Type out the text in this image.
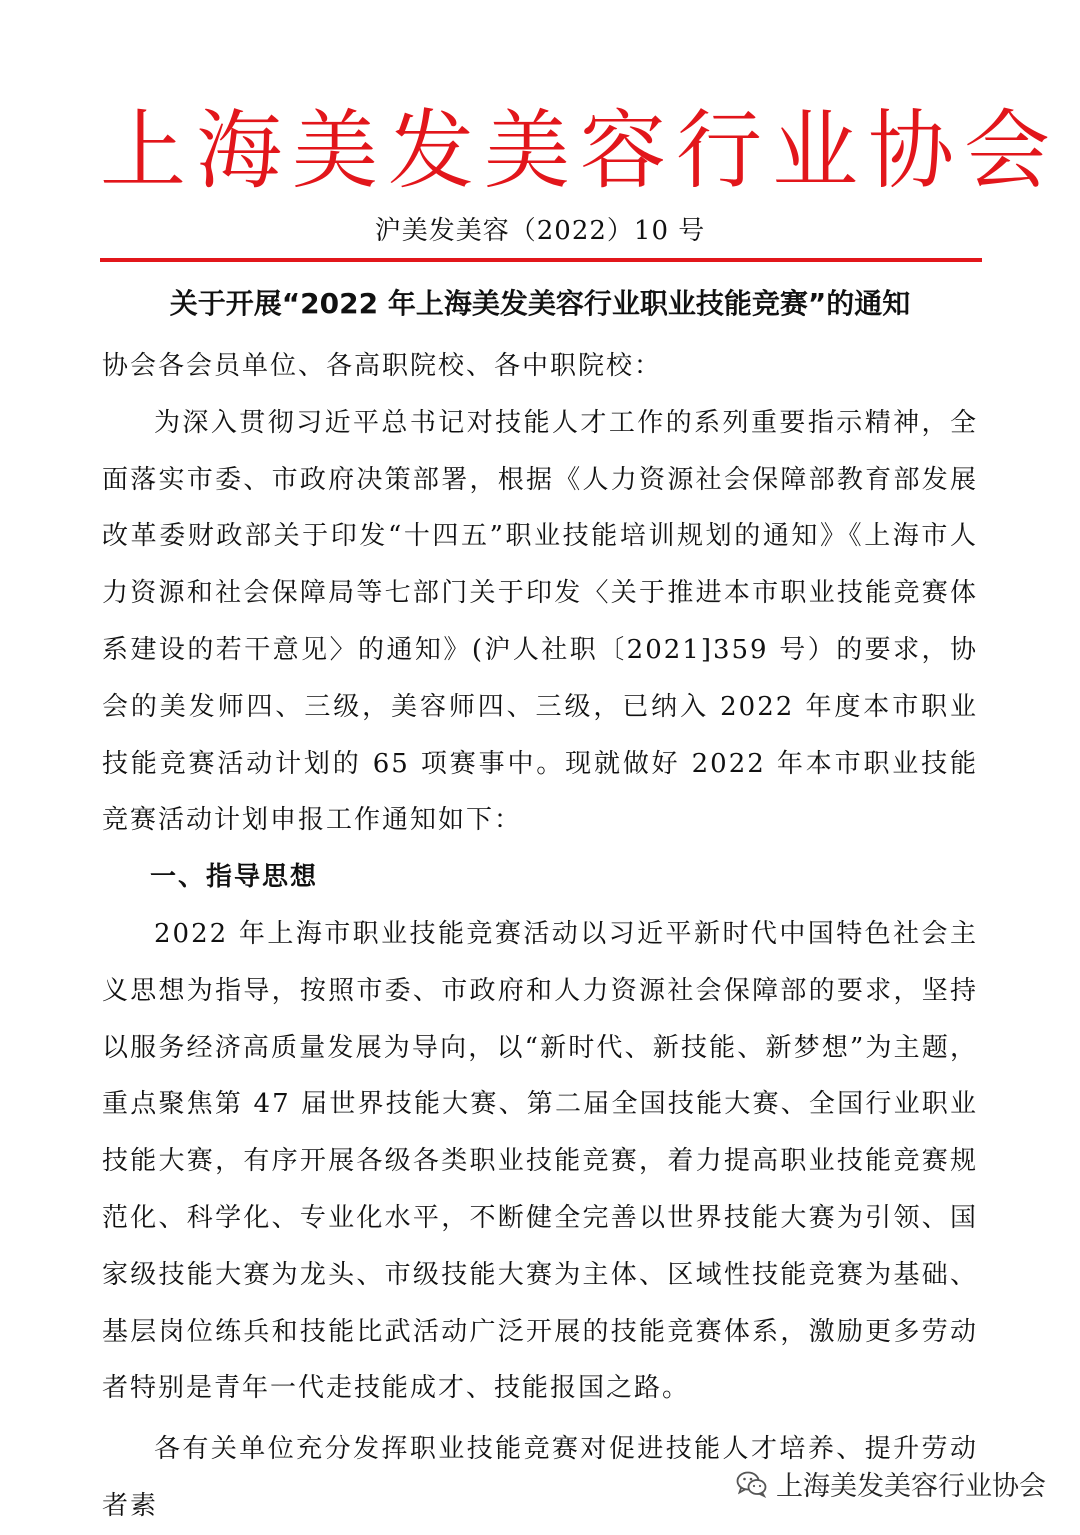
上海美发美容行业协会
沪美发美容（2022）10 号
关于开展“2022 年上海美发美容行业职业技能竞赛”的通知

协会各会员单位、各高职院校、各中职院校：

为深入贯彻习近平总书记对技能人才工作的系列重要指示精神，全面落实市委、市政府决策部署，根据《人力资源社会保障部教育部发展改革委财政部关于印发“十四五”职业技能培训规划的通知》《上海市人力资源和社会保障局等七部门关于印发〈关于推进本市职业技能竞赛体系建设的若干意见〉的通知》(沪人社职〔2021]359 号）的要求，协会的美发师四、三级，美容师四、三级，已纳入 2022 年度本市职业技能竞赛活动计划的 65 项赛事中。现就做好 2022 年本市职业技能竞赛活动计划申报工作通知如下：

一、指导思想

2022 年上海市职业技能竞赛活动以习近平新时代中国特色社会主义思想为指导，按照市委、市政府和人力资源社会保障部的要求，坚持以服务经济高质量发展为导向，以“新时代、新技能、新梦想”为主题，重点聚焦第 47 届世界技能大赛、第二届全国技能大赛、全国行业职业技能大赛，有序开展各级各类职业技能竞赛，着力提高职业技能竞赛规范化、科学化、专业化水平，不断健全完善以世界技能大赛为引领、国家级技能大赛为龙头、市级技能大赛为主体、区域性技能竞赛为基础、基层岗位练兵和技能比武活动广泛开展的技能竞赛体系，激励更多劳动者特别是青年一代走技能成才、技能报国之路。

各有关单位充分发挥职业技能竞赛对促进技能人才培养、提升劳动者素

上海美发美容行业协会
